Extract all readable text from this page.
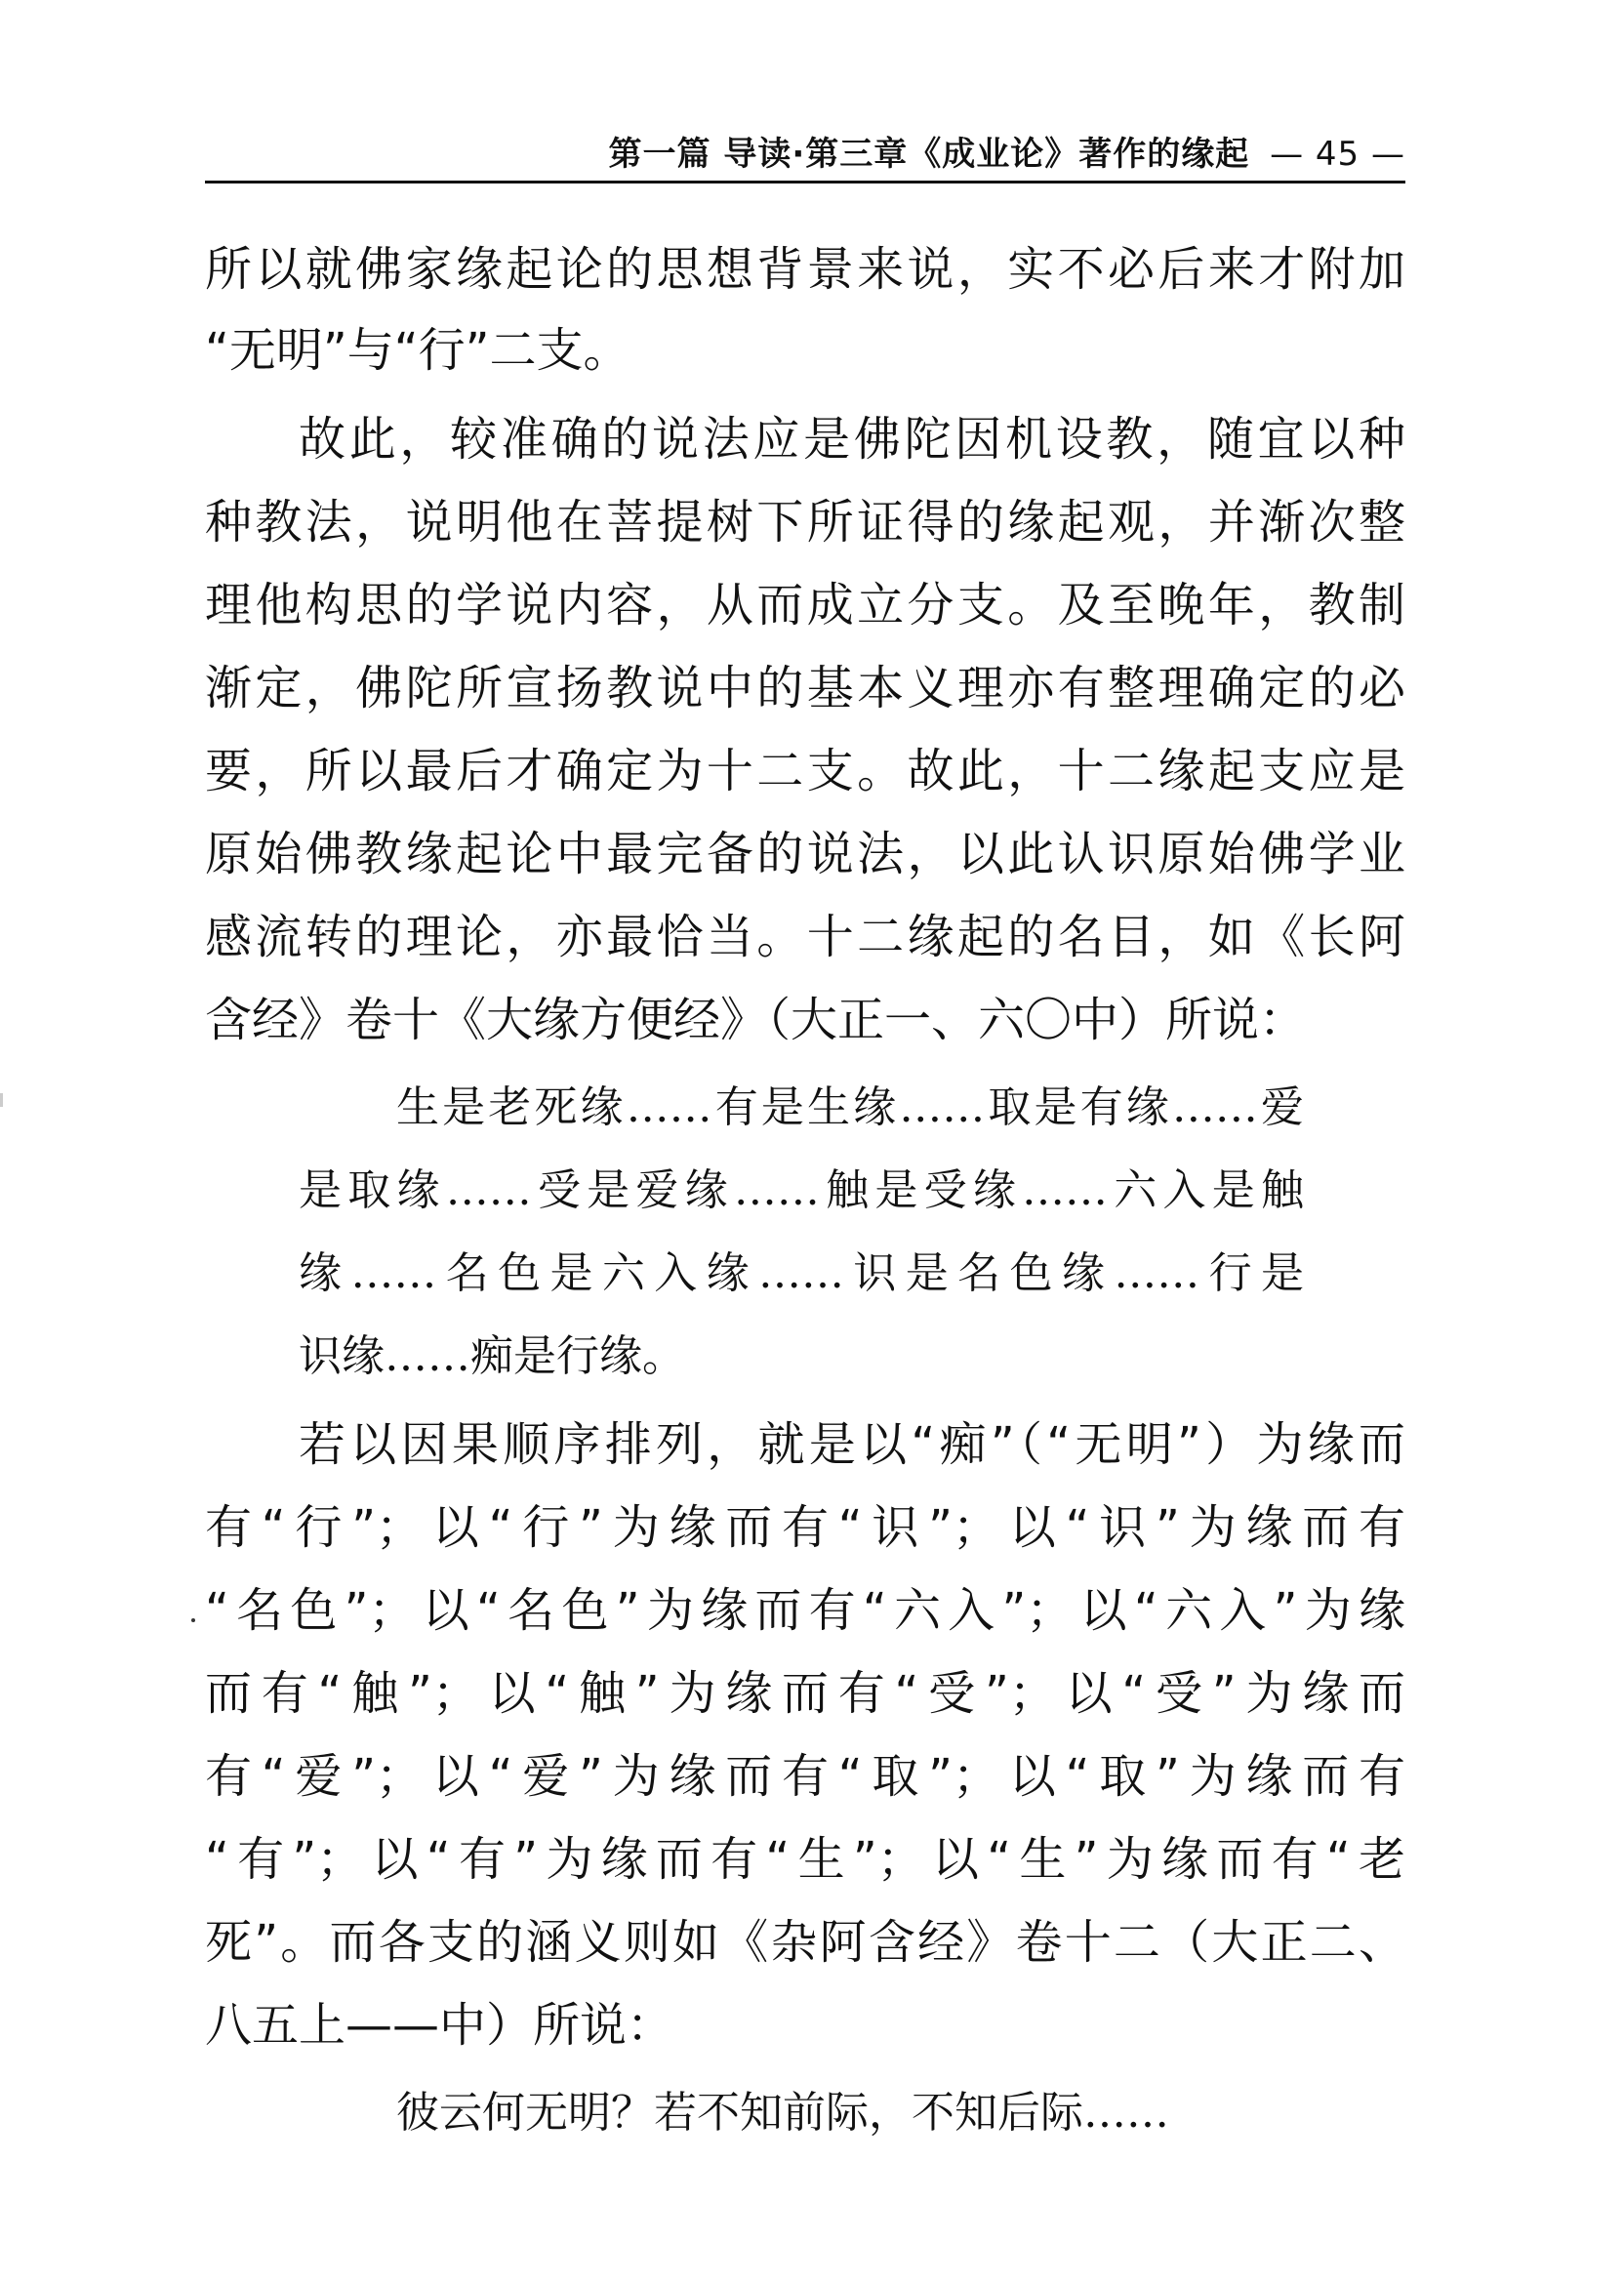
第一篇 导读·第三章《成业论》著作的缘起 — 45 —
所以就佛家缘起论的思想背景来说，实不必后来才附加
“无明”与“行”二支。
故此，较准确的说法应是佛陀因机设教，随宜以种
种教法，说明他在菩提树下所证得的缘起观，并渐次整
理他构思的学说内容，从而成立分支。及至晚年，教制
渐定，佛陀所宣扬教说中的基本义理亦有整理确定的必
要，所以最后才确定为十二支。故此，十二缘起支应是
原始佛教缘起论中最完备的说法，以此认识原始佛学业
感流转的理论，亦最恰当。十二缘起的名目，如《长阿
含经》卷十《大缘方便经》（大正一、六〇中）所说：
生是老死缘……有是生缘……取是有缘……爱
是取缘……受是爱缘……触是受缘……六入是触
缘……名色是六入缘……识是名色缘……行是
识缘……痴是行缘。
若以因果顺序排列，就是以“痴”（“无明”）为缘而
有“行”；以“行”为缘而有“识”；以“识”为缘而有
“名色”；以“名色”为缘而有“六入”；以“六入”为缘
而有“触”；以“触”为缘而有“受”；以“受”为缘而
有“爱”；以“爱”为缘而有“取”；以“取”为缘而有
“有”；以“有”为缘而有“生”；以“生”为缘而有“老
死”。而各支的涵义则如《杂阿含经》卷十二（大正二、
八五上——中）所说：
彼云何无明？若不知前际，不知后际……
